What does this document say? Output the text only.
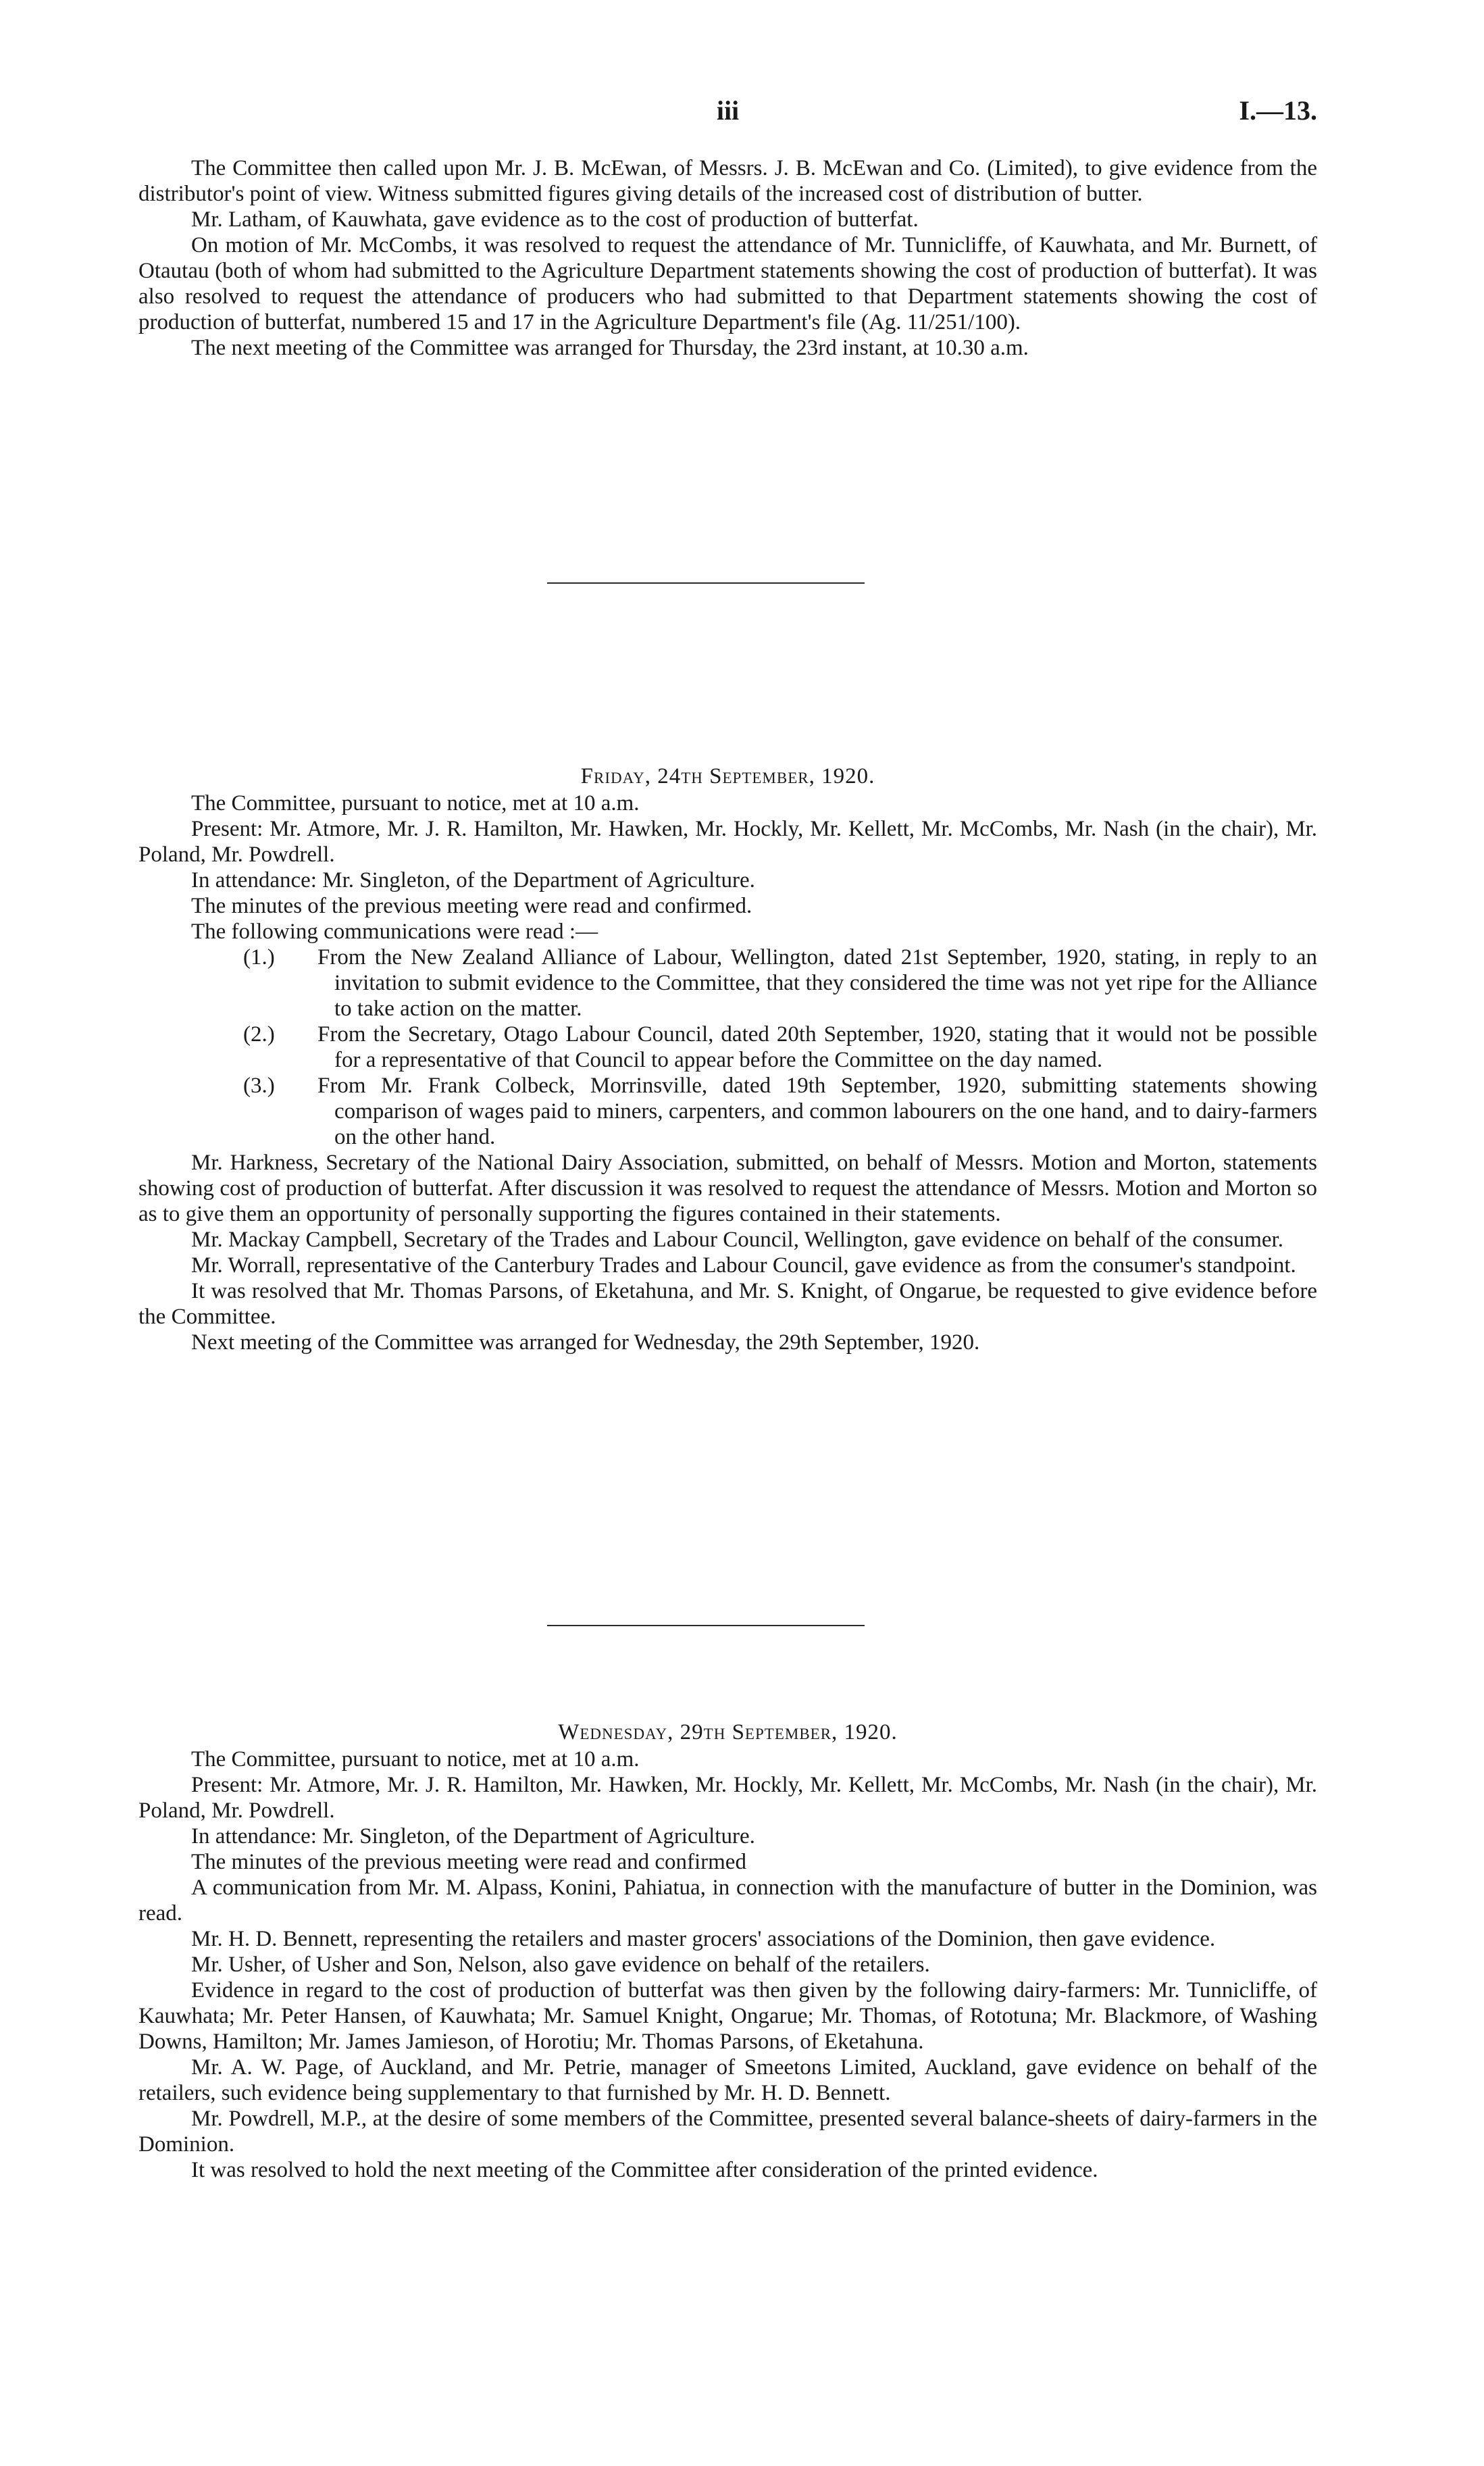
iii	I.—13.

The Committee then called upon Mr. J. B. McEwan, of Messrs. J. B. McEwan and Co. (Limited), to give evidence from the distributor's point of view. Witness submitted figures giving details of the increased cost of distribution of butter.

Mr. Latham, of Kauwhata, gave evidence as to the cost of production of butterfat.

On motion of Mr. McCombs, it was resolved to request the attendance of Mr. Tunnicliffe, of Kauwhata, and Mr. Burnett, of Otautau (both of whom had submitted to the Agriculture Department statements showing the cost of production of butterfat). It was also resolved to request the attendance of producers who had submitted to that Department statements showing the cost of production of butterfat, numbered 15 and 17 in the Agriculture Department's file (Ag. 11/251/100).

The next meeting of the Committee was arranged for Thursday, the 23rd instant, at 10.30 a.m.

Friday, 24th September, 1920.

The Committee, pursuant to notice, met at 10 a.m.

Present: Mr. Atmore, Mr. J. R. Hamilton, Mr. Hawken, Mr. Hockly, Mr. Kellett, Mr. McCombs, Mr. Nash (in the chair), Mr. Poland, Mr. Powdrell.

In attendance: Mr. Singleton, of the Department of Agriculture.

The minutes of the previous meeting were read and confirmed.

The following communications were read :—

(1.) From the New Zealand Alliance of Labour, Wellington, dated 21st September, 1920, stating, in reply to an invitation to submit evidence to the Committee, that they considered the time was not yet ripe for the Alliance to take action on the matter.

(2.) From the Secretary, Otago Labour Council, dated 20th September, 1920, stating that it would not be possible for a representative of that Council to appear before the Committee on the day named.

(3.) From Mr. Frank Colbeck, Morrinsville, dated 19th September, 1920, submitting statements showing comparison of wages paid to miners, carpenters, and common labourers on the one hand, and to dairy-farmers on the other hand.

Mr. Harkness, Secretary of the National Dairy Association, submitted, on behalf of Messrs. Motion and Morton, statements showing cost of production of butterfat. After discussion it was resolved to request the attendance of Messrs. Motion and Morton so as to give them an opportunity of personally supporting the figures contained in their statements.

Mr. Mackay Campbell, Secretary of the Trades and Labour Council, Wellington, gave evidence on behalf of the consumer.

Mr. Worrall, representative of the Canterbury Trades and Labour Council, gave evidence as from the consumer's standpoint.

It was resolved that Mr. Thomas Parsons, of Eketahuna, and Mr. S. Knight, of Ongarue, be requested to give evidence before the Committee.

Next meeting of the Committee was arranged for Wednesday, the 29th September, 1920.

Wednesday, 29th September, 1920.

The Committee, pursuant to notice, met at 10 a.m.

Present: Mr. Atmore, Mr. J. R. Hamilton, Mr. Hawken, Mr. Hockly, Mr. Kellett, Mr. McCombs, Mr. Nash (in the chair), Mr. Poland, Mr. Powdrell.

In attendance: Mr. Singleton, of the Department of Agriculture.

The minutes of the previous meeting were read and confirmed

A communication from Mr. M. Alpass, Konini, Pahiatua, in connection with the manufacture of butter in the Dominion, was read.

Mr. H. D. Bennett, representing the retailers and master grocers' associations of the Dominion, then gave evidence.

Mr. Usher, of Usher and Son, Nelson, also gave evidence on behalf of the retailers.

Evidence in regard to the cost of production of butterfat was then given by the following dairy-farmers: Mr. Tunnicliffe, of Kauwhata; Mr. Peter Hansen, of Kauwhata; Mr. Samuel Knight, Ongarue; Mr. Thomas, of Rototuna; Mr. Blackmore, of Washing Downs, Hamilton; Mr. James Jamieson, of Horotiu; Mr. Thomas Parsons, of Eketahuna.

Mr. A. W. Page, of Auckland, and Mr. Petrie, manager of Smeetons Limited, Auckland, gave evidence on behalf of the retailers, such evidence being supplementary to that furnished by Mr. H. D. Bennett.

Mr. Powdrell, M.P., at the desire of some members of the Committee, presented several balance-sheets of dairy-farmers in the Dominion.

It was resolved to hold the next meeting of the Committee after consideration of the printed evidence.
